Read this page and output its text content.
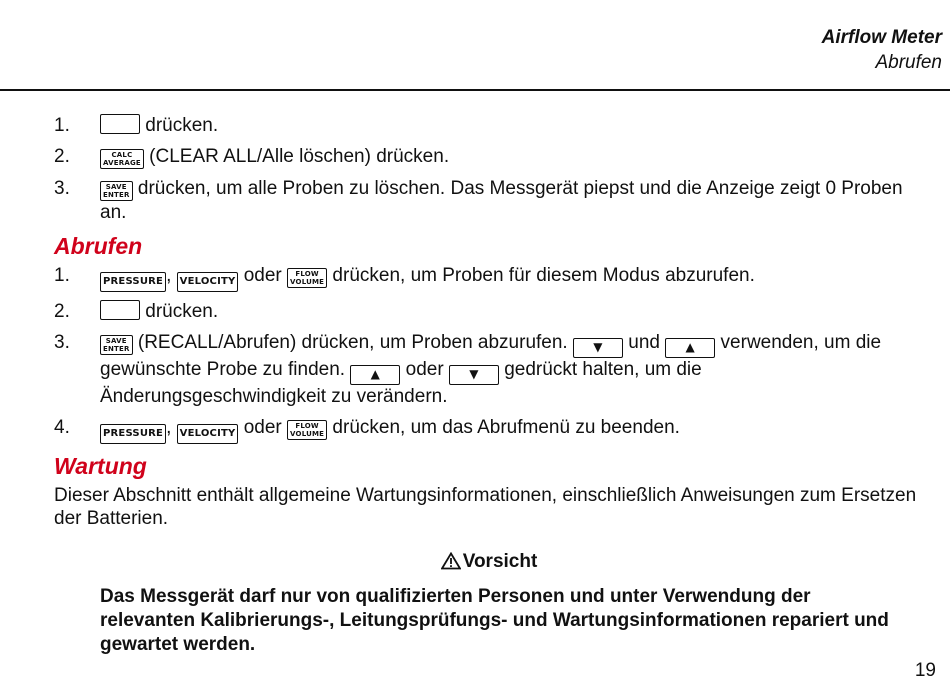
Airflow Meter
Abrufen
1.	drücken.
2.	CALC
AVERAGE (CLEAR ALL/Alle löschen) drücken.
3.	SAVE
ENTER drücken, um alle Proben zu löschen. Das Messgerät piepst und die Anzeige zeigt 0 Proben an.
Abrufen
1.	PRESSURE , VELOCITY oder	FLOW
VOLUME drücken, um Proben für diesem Modus abzurufen.
2.	drücken.
3.	SAVE
ENTER (RECALL/Abrufen) drücken, um Proben abzurufen. ▼ und ▲ verwenden, um die gewünschte Probe zu finden. ▲ oder ▼ gedrückt halten, um die Änderungsgeschwindigkeit zu verändern.
4.	PRESSURE , VELOCITY oder	FLOW
VOLUME drücken, um das Abrufmenü zu beenden.
Wartung
Dieser Abschnitt enthält allgemeine Wartungsinformationen, einschließlich Anweisungen zum Ersetzen der Batterien.
Vorsicht
Das Messgerät darf nur von qualifizierten Personen und unter Verwendung der relevanten Kalibrierungs-, Leitungsprüfungs- und Wartungsinformationen repariert und gewartet werden.
19
